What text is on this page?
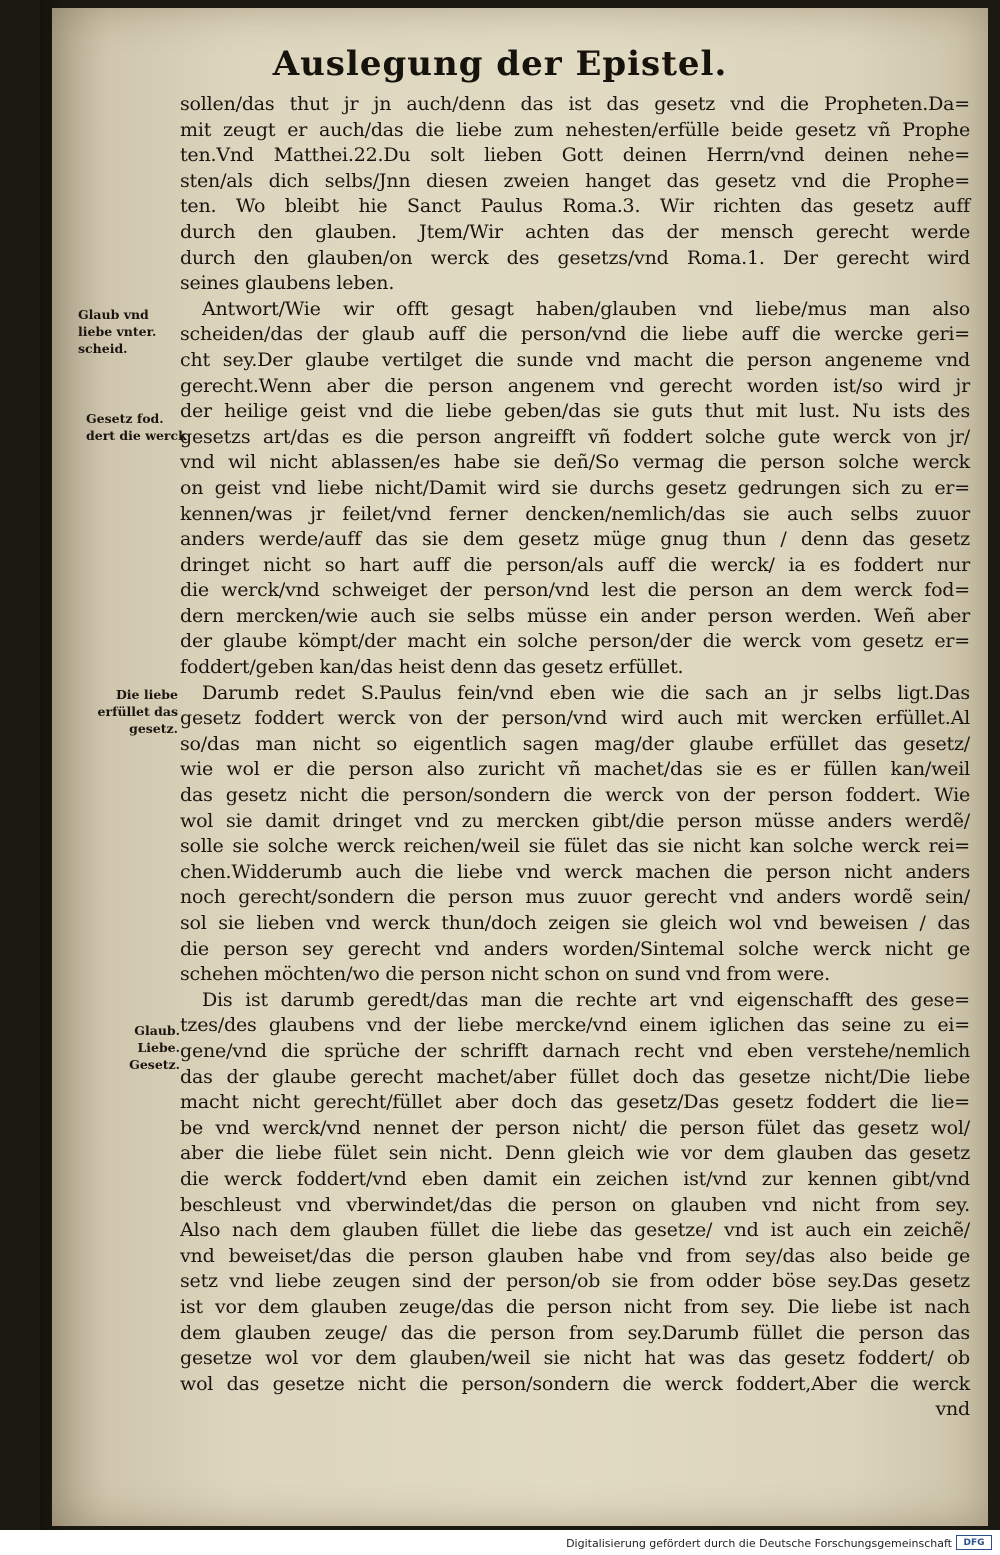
Auslegung der Epistel.
sollen/das thut jr jn auch/denn das ist das gesetz vnd die Propheten.Da=
mit zeugt er auch/das die liebe zum nehesten/erfülle beide gesetz vñ Prophe
ten.Vnd Matthei.22.Du solt lieben Gott deinen Herrn/vnd deinen nehe=
sten/als dich selbs/Jnn diesen zweien hanget das gesetz vnd die Prophe=
ten. Wo bleibt hie Sanct Paulus Roma.3. Wir richten das gesetz auff
durch den glauben. Jtem/Wir achten das der mensch gerecht werde
durch den glauben/on werck des gesetzs/vnd Roma.1. Der gerecht wird
seines glaubens leben.
Antwort/Wie wir offt gesagt haben/glauben vnd liebe/mus man also
scheiden/das der glaub auff die person/vnd die liebe auff die wercke geri=
cht sey.Der glaube vertilget die sunde vnd macht die person angeneme vnd
gerecht.Wenn aber die person angenem vnd gerecht worden ist/so wird jr
der heilige geist vnd die liebe geben/das sie guts thut mit lust. Nu ists des
gesetzs art/das es die person angreifft vñ foddert solche gute werck von jr/
vnd wil nicht ablassen/es habe sie deñ/So vermag die person solche werck
on geist vnd liebe nicht/Damit wird sie durchs gesetz gedrungen sich zu er=
kennen/was jr feilet/vnd ferner dencken/nemlich/das sie auch selbs zuuor
anders werde/auff das sie dem gesetz müge gnug thun / denn das gesetz
dringet nicht so hart auff die person/als auff die werck/ ia es foddert nur
die werck/vnd schweiget der person/vnd lest die person an dem werck fod=
dern mercken/wie auch sie selbs müsse ein ander person werden. Weñ aber
der glaube kömpt/der macht ein solche person/der die werck vom gesetz er=
foddert/geben kan/das heist denn das gesetz erfüllet.
Darumb redet S.Paulus fein/vnd eben wie die sach an jr selbs ligt.Das
gesetz foddert werck von der person/vnd wird auch mit wercken erfüllet.Al
so/das man nicht so eigentlich sagen mag/der glaube erfüllet das gesetz/
wie wol er die person also zuricht vñ machet/das sie es er füllen kan/weil
das gesetz nicht die person/sondern die werck von der person foddert. Wie
wol sie damit dringet vnd zu mercken gibt/die person müsse anders werdẽ/
solle sie solche werck reichen/weil sie fület das sie nicht kan solche werck rei=
chen.Widderumb auch die liebe vnd werck machen die person nicht anders
noch gerecht/sondern die person mus zuuor gerecht vnd anders wordẽ sein/
sol sie lieben vnd werck thun/doch zeigen sie gleich wol vnd beweisen / das
die person sey gerecht vnd anders worden/Sintemal solche werck nicht ge
schehen möchten/wo die person nicht schon on sund vnd from were.
Dis ist darumb geredt/das man die rechte art vnd eigenschafft des gese=
tzes/des glaubens vnd der liebe mercke/vnd einem iglichen das seine zu ei=
gene/vnd die sprüche der schrifft darnach recht vnd eben verstehe/nemlich
das der glaube gerecht machet/aber füllet doch das gesetze nicht/Die liebe
macht nicht gerecht/füllet aber doch das gesetz/Das gesetz foddert die lie=
be vnd werck/vnd nennet der person nicht/ die person fület das gesetz wol/
aber die liebe fület sein nicht. Denn gleich wie vor dem glauben das gesetz
die werck foddert/vnd eben damit ein zeichen ist/vnd zur kennen gibt/vnd
beschleust vnd vberwindet/das die person on glauben vnd nicht from sey.
Also nach dem glauben füllet die liebe das gesetze/ vnd ist auch ein zeichẽ/
vnd beweiset/das die person glauben habe vnd from sey/das also beide ge
setz vnd liebe zeugen sind der person/ob sie from odder böse sey.Das gesetz
ist vor dem glauben zeuge/das die person nicht from sey. Die liebe ist nach
dem glauben zeuge/ das die person from sey.Darumb füllet die person das
gesetze wol vor dem glauben/weil sie nicht hat was das gesetz foddert/ ob
wol das gesetze nicht die person/sondern die werck foddert,Aber die werck
vnd
Glaub vnd
liebe vnter.
scheid.
Gesetz fod.
dert die werck
Die liebe
erfüllet das
gesetz.
Glaub.
Liebe.
Gesetz.
Digitalisierung gefördert durch die Deutsche Forschungsgemeinschaft	DFG
